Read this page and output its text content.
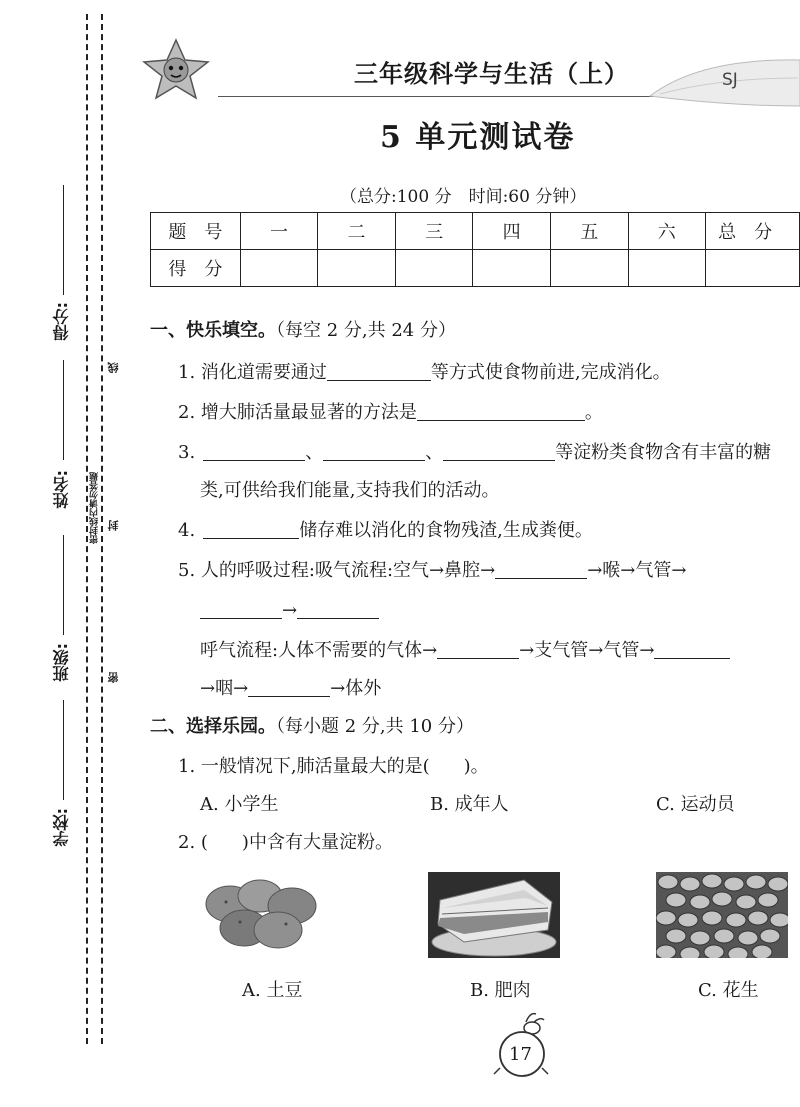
得分:
姓名:
班级:
学校:
密封线内请勿答题
线
封
密
三年级科学与生活（上）	SJ
5 单元测试卷
（总分:100 分　时间:60 分钟）
题　号	一	二	三	四	五	六	总　分
得　分							
一、快乐填空。（每空 2 分,共 24 分）
1. 消化道需要通过	等方式使食物前进,完成消化。
2. 增大肺活量最显著的方法是	。
3.	、	、	等淀粉类食物含有丰富的糖
类,可供给我们能量,支持我们的活动。
4.	储存难以消化的食物残渣,生成粪便。
5. 人的呼吸过程:吸气流程:空气→鼻腔→	→喉→气管→
→
呼气流程:人体不需要的气体→	→支气管→气管→
→咽→	→体外
二、选择乐园。（每小题 2 分,共 10 分）
1. 一般情况下,肺活量最大的是( )。
A. 小学生	B. 成年人	C. 运动员
2. ( )中含有大量淀粉。
A. 土豆	B. 肥肉	C. 花生
17
